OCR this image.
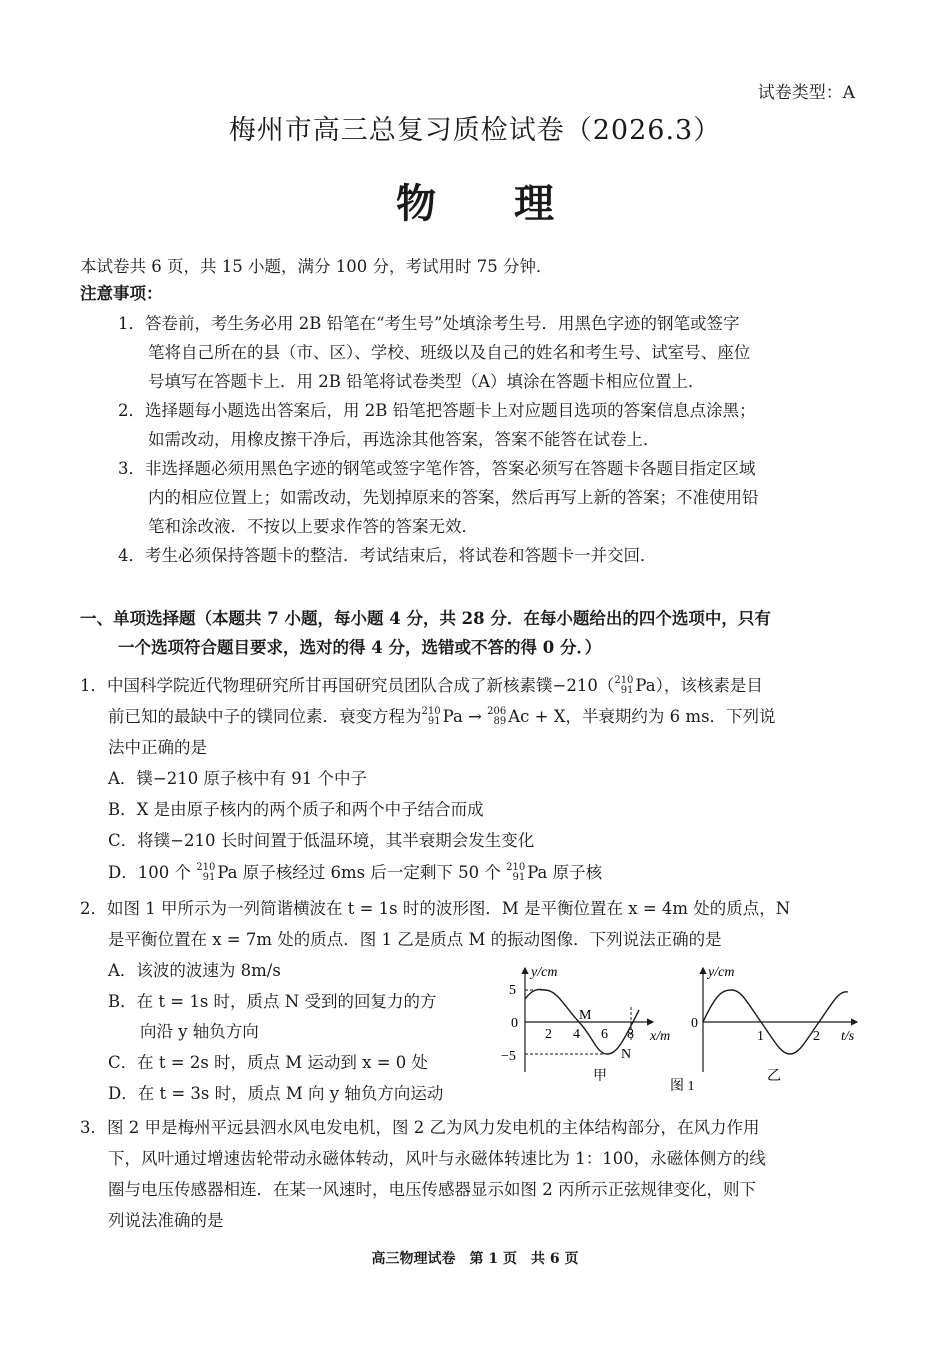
试卷类型：A
梅州市高三总复习质检试卷（2026.3）
物理
本试卷共 6 页，共 15 小题，满分 100 分，考试用时 75 分钟．
注意事项：
1．答卷前，考生务必用 2B 铅笔在“考生号”处填涂考生号．用黑色字迹的钢笔或签字
笔将自己所在的县（市、区）、学校、班级以及自己的姓名和考生号、试室号、座位
号填写在答题卡上．用 2B 铅笔将试卷类型（A）填涂在答题卡相应位置上．
2．选择题每小题选出答案后，用 2B 铅笔把答题卡上对应题目选项的答案信息点涂黑；
如需改动，用橡皮擦干净后，再选涂其他答案，答案不能答在试卷上．
3．非选择题必须用黑色字迹的钢笔或签字笔作答，答案必须写在答题卡各题目指定区域
内的相应位置上；如需改动，先划掉原来的答案，然后再写上新的答案；不准使用铅
笔和涂改液．不按以上要求作答的答案无效．
4．考生必须保持答题卡的整洁．考试结束后，将试卷和答题卡一并交回．
一、单项选择题（本题共 7 小题，每小题 4 分，共 28 分．在每小题给出的四个选项中，只有
一个选项符合题目要求，选对的得 4 分，选错或不答的得 0 分．）
1．中国科学院近代物理研究所甘再国研究员团队合成了新核素镤−210（ 210
91 Pa），该核素是目
前已知的最缺中子的镤同位素．衰变方程为 210
91 Pa → 206
89 Ac + X，半衰期约为 6 ms．下列说
法中正确的是
A．镤−210 原子核中有 91 个中子
B．X 是由原子核内的两个质子和两个中子结合而成
C．将镤−210 长时间置于低温环境，其半衰期会发生变化
D．100 个 210
91 Pa 原子核经过 6ms 后一定剩下 50 个 210
91 Pa 原子核
2．如图 1 甲所示为一列简谐横波在 t = 1s 时的波形图．M 是平衡位置在 x = 4m 处的质点，N
是平衡位置在 x = 7m 处的质点．图 1 乙是质点 M 的振动图像．下列说法正确的是
A．该波的波速为 8m/s
B．在 t = 1s 时，质点 N 受到的回复力的方
向沿 y 轴负方向
C．在 t = 2s 时，质点 M 运动到 x = 0 处
D．在 t = 3s 时，质点 M 向 y 轴负方向运动
y/cm
x/m
5
0
−5
2 4 6 8
M
N
甲
y/cm
t/s
0
1	2
乙
图 1
3．图 2 甲是梅州平远县泗水风电发电机，图 2 乙为风力发电机的主体结构部分，在风力作用
下，风叶通过增速齿轮带动永磁体转动，风叶与永磁体转速比为 1：100，永磁体侧方的线
圈与电压传感器相连．在某一风速时，电压传感器显示如图 2 丙所示正弦规律变化，则下
列说法准确的是
高三物理试卷　第 1 页　共 6 页
